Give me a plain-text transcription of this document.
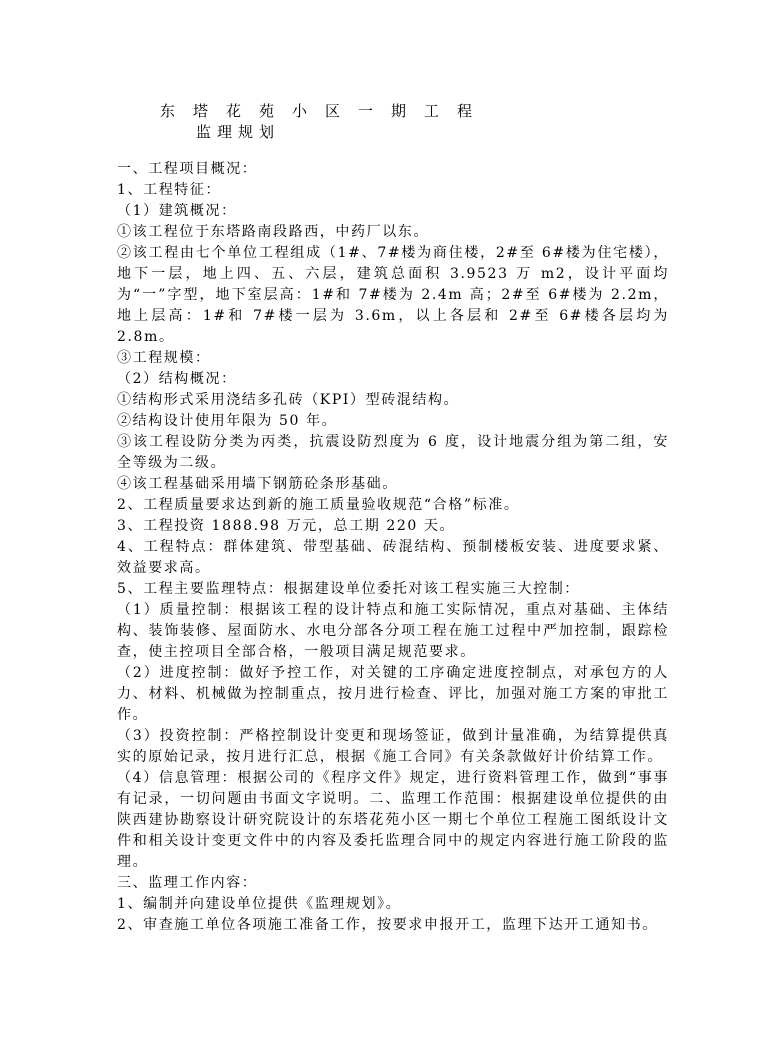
东塔花苑小区一期工程
监理规划

一、工程项目概况：

1、工程特征：

（1）建筑概况：

①该工程位于东塔路南段路西，中药厂以东。

②该工程由七个单位工程组成（1#、7#楼为商住楼，2#至 6#楼为住宅楼），地下一层，地上四、五、六层，建筑总面积 3.9523 万 m2，设计平面均为“一”字型，地下室层高：1#和 7#楼为 2.4m 高；2#至 6#楼为 2.2m，地上层高：1#和 7#楼一层为 3.6m，以上各层和 2#至 6#楼各层均为 2.8m。

③工程规模：

（2）结构概况：

①结构形式采用浇结多孔砖（KPI）型砖混结构。

②结构设计使用年限为 50 年。

③该工程设防分类为丙类，抗震设防烈度为 6 度，设计地震分组为第二组，安全等级为二级。

④该工程基础采用墙下钢筋砼条形基础。

2、工程质量要求达到新的施工质量验收规范“合格”标准。

3、工程投资 1888.98 万元，总工期 220 天。

4、工程特点：群体建筑、带型基础、砖混结构、预制楼板安装、进度要求紧、效益要求高。

5、工程主要监理特点：根据建设单位委托对该工程实施三大控制：

（1）质量控制：根据该工程的设计特点和施工实际情况，重点对基础、主体结构、装饰装修、屋面防水、水电分部各分项工程在施工过程中严加控制，跟踪检查，使主控项目全部合格，一般项目满足规范要求。

（2）进度控制：做好予控工作，对关键的工序确定进度控制点，对承包方的人力、材料、机械做为控制重点，按月进行检查、评比，加强对施工方案的审批工作。

（3）投资控制：严格控制设计变更和现场签证，做到计量准确，为结算提供真实的原始记录，按月进行汇总，根据《施工合同》有关条款做好计价结算工作。

（4）信息管理：根据公司的《程序文件》规定，进行资料管理工作，做到“事事有记录，一切问题由书面文字说明。二、监理工作范围：根据建设单位提供的由陕西建协勘察设计研究院设计的东塔花苑小区一期七个单位工程施工图纸设计文件和相关设计变更文件中的内容及委托监理合同中的规定内容进行施工阶段的监理。

三、监理工作内容：

1、编制并向建设单位提供《监理规划》。

2、审查施工单位各项施工准备工作，按要求申报开工，监理下达开工通知书。
